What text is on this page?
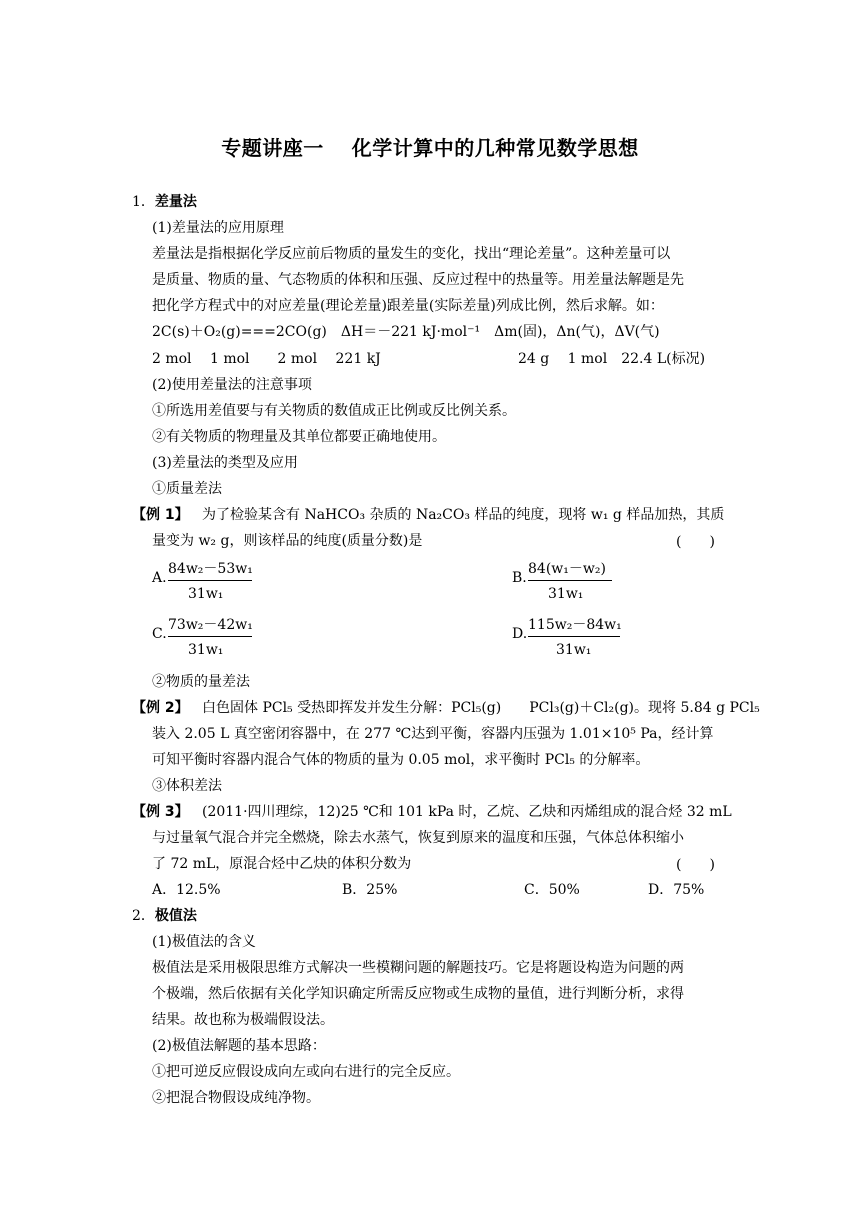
专题讲座一 化学计算中的几种常见数学思想
1．差量法
(1)差量法的应用原理
差量法是指根据化学反应前后物质的量发生的变化，找出“理论差量”。这种差量可以
是质量、物质的量、气态物质的体积和压强、反应过程中的热量等。用差量法解题是先
把化学方程式中的对应差量(理论差量)跟差量(实际差量)列成比例，然后求解。如：
2C(s)＋O₂(g)===2CO(g)　ΔH＝－221 kJ·mol⁻¹　Δm(固)，Δn(气)，ΔV(气)
2 mol　 1 mol　　2 mol　 221 kJ	24 g　 1 mol　22.4 L(标况)
(2)使用差量法的注意事项
①所选用差值要与有关物质的数值成正比例或反比例关系。
②有关物质的物理量及其单位都要正确地使用。
(3)差量法的类型及应用
①质量差法
【例 1】 为了检验某含有 NaHCO₃ 杂质的 Na₂CO₃ 样品的纯度，现将 w₁ g 样品加热，其质
量变为 w₂ g，则该样品的纯度(质量分数)是	(　　)
84w₂－53w₁
A.
31w₁
84(w₁－w₂)
B.
31w₁
73w₂－42w₁
C.
31w₁
115w₂－84w₁
D.
31w₁
②物质的量差法
【例 2】 白色固体 PCl₅ 受热即挥发并发生分解：PCl₅(g)　　PCl₃(g)＋Cl₂(g)。现将 5.84 g PCl₅
装入 2.05 L 真空密闭容器中，在 277 ℃达到平衡，容器内压强为 1.01×10⁵ Pa，经计算
可知平衡时容器内混合气体的物质的量为 0.05 mol，求平衡时 PCl₅ 的分解率。
③体积差法
【例 3】 (2011·四川理综，12)25 ℃和 101 kPa 时，乙烷、乙炔和丙烯组成的混合烃 32 mL
与过量氧气混合并完全燃烧，除去水蒸气，恢复到原来的温度和压强，气体总体积缩小
了 72 mL，原混合烃中乙炔的体积分数为	(　　)
A．12.5%	B．25%	C．50%	D．75%
2．极值法
(1)极值法的含义
极值法是采用极限思维方式解决一些模糊问题的解题技巧。它是将题设构造为问题的两
个极端，然后依据有关化学知识确定所需反应物或生成物的量值，进行判断分析，求得
结果。故也称为极端假设法。
(2)极值法解题的基本思路：
①把可逆反应假设成向左或向右进行的完全反应。
②把混合物假设成纯净物。
